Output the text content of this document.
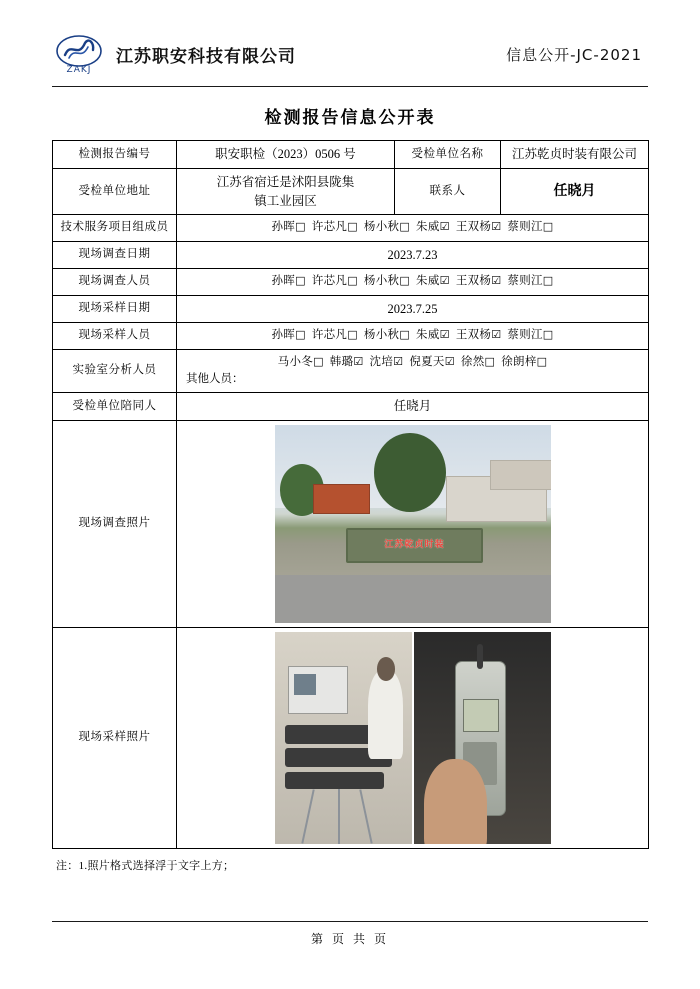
ZAKJ
江苏职安科技有限公司	信息公开-JC-2021
检测报告信息公开表
检测报告编号	职安职检（2023）0506 号	受检单位名称	江苏乾贞时装有限公司
受检单位地址	江苏省宿迁是沭阳县陇集
镇工业园区	联系人	任晓月
技术服务项目组成员	孙晖□ 许芯凡□ 杨小秋□ 朱威☑ 王双杨☑ 蔡则江□		
现场调查日期	2023.7.23		
现场调查人员	孙晖□ 许芯凡□ 杨小秋□ 朱威☑ 王双杨☑ 蔡则江□		
现场采样日期	2023.7.25		
现场采样人员	孙晖□ 许芯凡□ 杨小秋□ 朱威☑ 王双杨☑ 蔡则江□		
实验室分析人员	马小冬□ 韩璐☑ 沈培☑ 倪夏天☑ 徐然□ 徐朗梓□
其他人员：		

受检单位陪同人	任晓月		
现场调查照片	江苏乾贞时装		

现场采样照片			
注：1.照片格式选择浮于文字上方；
第 页 共 页
